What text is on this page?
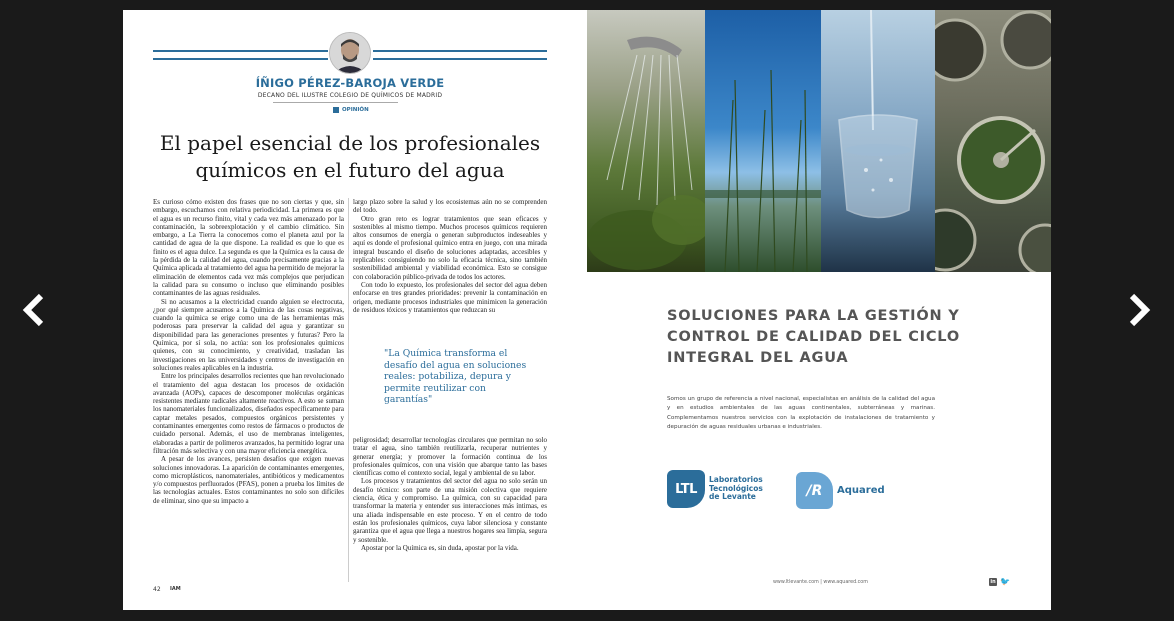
ÍÑIGO PÉREZ-BAROJA VERDE
DECANO DEL ILUSTRE COLEGIO DE QUÍMICOS DE MADRID
OPINIÓN
El papel esencial de los profesionales
químicos en el futuro del agua

Es curioso cómo existen dos frases que no son ciertas y que, sin embargo, escuchamos con relativa periodicidad. La primera es que el agua es un recurso finito, vital y cada vez más amenazado por la contaminación, la sobreexplotación y el cambio climático. Sin embargo, a La Tierra la conocemos como el planeta azul por la cantidad de agua de la que dispone. La realidad es que lo que es finito es el agua dulce. La segunda es que la Química es la causa de la pérdida de la calidad del agua, cuando precisamente gracias a la Química aplicada al tratamiento del agua ha permitido de mejorar la eliminación de elementos cada vez más complejos que perjudican la calidad para su consumo o incluso que eliminando posibles contaminantes de las aguas residuales.

Si no acusamos a la electricidad cuando alguien se electrocuta, ¿por qué siempre acusamos a la Química de las cosas negativas, cuando la química se erige como una de las herramientas más poderosas para preservar la calidad del agua y garantizar su disponibilidad para las generaciones presentes y futuras? Pero la Química, por sí sola, no actúa: son los profesionales químicos quienes, con su conocimiento, y creatividad, trasladan las investigaciones en las universidades y centros de investigación en soluciones reales aplicables en la industria.

Entre los principales desarrollos recientes que han revolucionado el tratamiento del agua destacan los procesos de oxidación avanzada (AOPs), capaces de descomponer moléculas orgánicas resistentes mediante radicales altamente reactivos. A esto se suman los nanomateriales funcionalizados, diseñados específicamente para captar metales pesados, compuestos orgánicos persistentes y contaminantes emergentes como restos de fármacos o productos de cuidado personal. Además, el uso de membranas inteligentes, elaboradas a partir de polímeros avanzados, ha permitido lograr una filtración más selectiva y con una mayor eficiencia energética.

A pesar de los avances, persisten desafíos que exigen nuevas soluciones innovadoras. La aparición de contaminantes emergentes, como microplásticos, nanomateriales, antibióticos y medicamentos y/o compuestos perfluorados (PFAS), ponen a prueba los límites de las tecnologías actuales. Estos contaminantes no solo son difíciles de eliminar, sino que su impacto a

largo plazo sobre la salud y los ecosistemas aún no se comprenden del todo.

Otro gran reto es lograr tratamientos que sean eficaces y sostenibles al mismo tiempo. Muchos procesos químicos requieren altos consumos de energía o generan subproductos indeseables y aquí es donde el profesional químico entra en juego, con una mirada integral buscando el diseño de soluciones adaptadas, accesibles y replicables: consiguiendo no solo la eficacia técnica, sino también sostenibilidad ambiental y viabilidad económica. Esto se consigue con colaboración público-privada de todos los actores.

Con todo lo expuesto, los profesionales del sector del agua deben enfocarse en tres grandes prioridades: prevenir la contaminación en origen, mediante procesos industriales que minimicen la generación de residuos tóxicos y tratamientos que reduzcan su

"La Química transforma el desafío del agua en soluciones reales: potabiliza, depura y permite reutilizar con garantías"

peligrosidad; desarrollar tecnologías circulares que permitan no solo tratar el agua, sino también reutilizarla, recuperar nutrientes y generar energía; y promover la formación continua de los profesionales químicos, con una visión que abarque tanto las bases científicas como el contexto social, legal y ambiental de su labor.

Los procesos y tratamientos del sector del agua no solo serán un desafío técnico: son parte de una misión colectiva que requiere ciencia, ética y compromiso. La química, con su capacidad para transformar la materia y entender sus interacciones más íntimas, es una aliada indispensable en este proceso. Y en el centro de todo están los profesionales químicos, cuya labor silenciosa y constante garantiza que el agua que llega a nuestros hogares sea limpia, segura y sostenible.

Apostar por la Química es, sin duda, apostar por la vida.

42 IAM
SOLUCIONES PARA LA GESTIÓN Y
CONTROL DE CALIDAD DEL CICLO
INTEGRAL DEL AGUA
Somos un grupo de referencia a nivel nacional, especialistas en análisis de la calidad del agua y en estudios ambientales de las aguas continentales, subterráneas y marinas. Complementamos nuestros servicios con la explotación de instalaciones de tratamiento y depuración de aguas residuales urbanas e industriales.
LTL
Laboratorios
Tecnológicos
de Levante	/R	Aquared
www.ltlevante.com | www.aquared.com	in 🐦
